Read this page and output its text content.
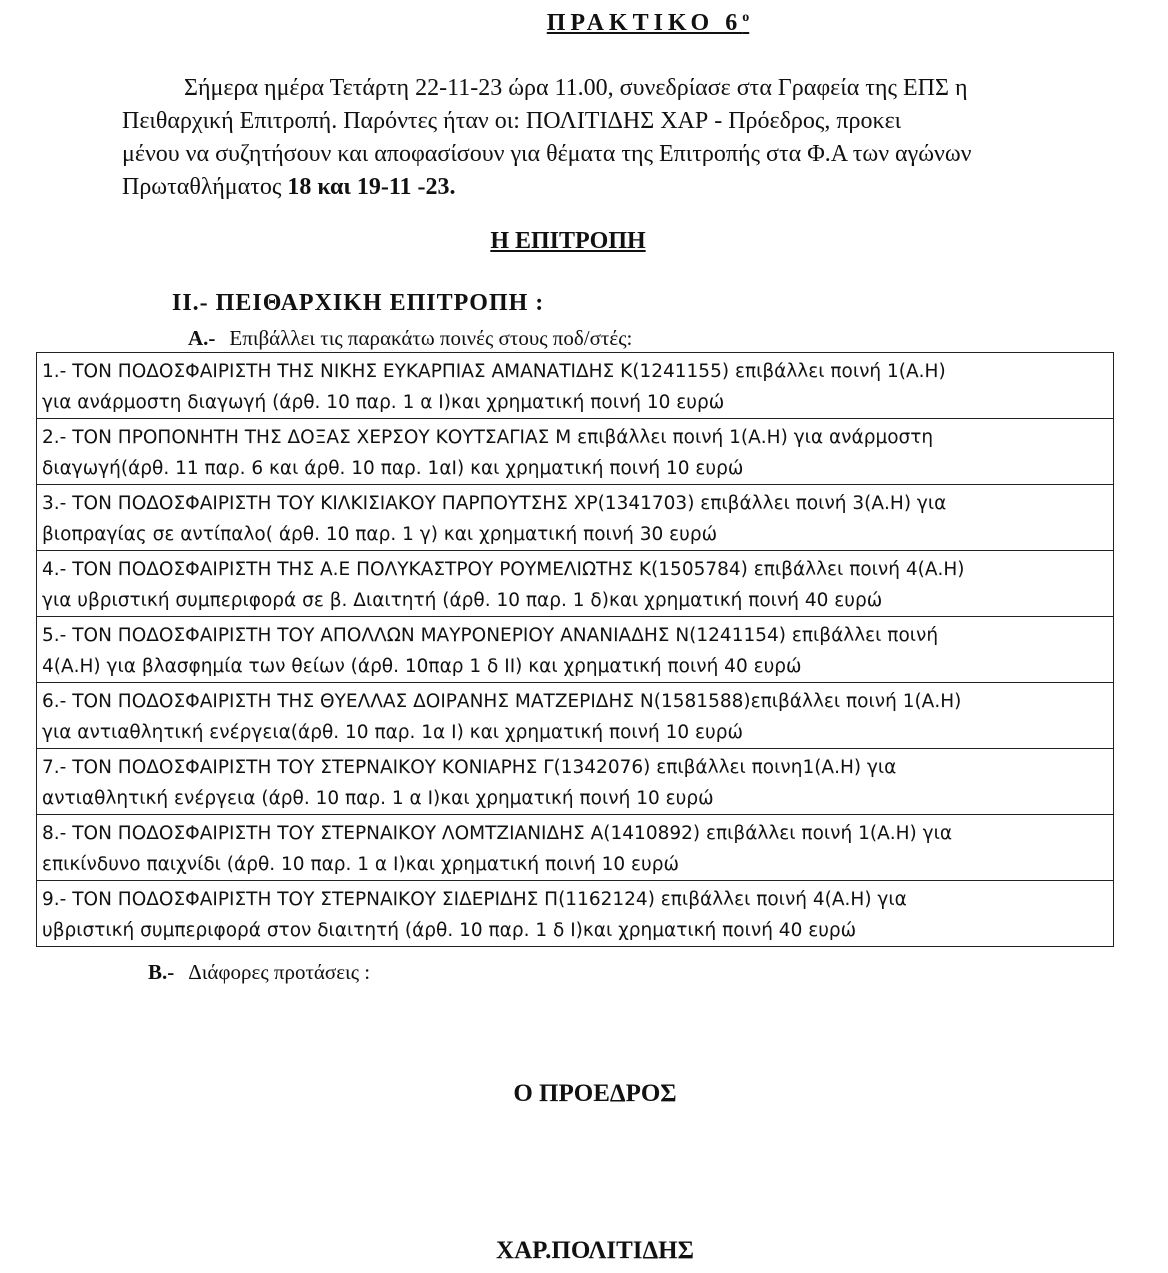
ΠΡΑΚΤΙΚΟ $6^o$
Σήμερα ημέρα Τετάρτη 22-11-23 ώρα 11.00, συνεδρίασε στα Γραφεία της ΕΠΣ η
Πειθαρχική Επιτροπή. Παρόντες ήταν οι: ΠΟΛΙΤΙΔΗΣ ΧΑΡ - Πρόεδρος, προκει
μένου να συζητήσουν και αποφασίσουν για θέματα της Επιτροπής στα Φ.Α των αγώνων
Πρωταθλήματος 18 και 19-11 -23.
Η ΕΠΙΤΡΟΠΗ
ΙΙ.- ΠΕΙΘΑΡΧΙΚΗ ΕΠΙΤΡΟΠΗ :
Α.- Επιβάλλει τις παρακάτω ποινές στους ποδ/στές:
1.- ΤΟΝ ΠΟΔΟΣΦΑΙΡΙΣΤΗ ΤΗΣ ΝΙΚΗΣ ΕΥΚΑΡΠΙΑΣ ΑΜΑΝΑΤΙΔΗΣ Κ(1241155) επιβάλλει ποινή 1(Α.Η)
για ανάρμοστη διαγωγή (άρθ. 10 παρ. 1 α Ι)και χρηματική ποινή 10 ευρώ
2.- ΤΟΝ ΠΡΟΠΟΝΗΤΗ ΤΗΣ ΔΟΞΑΣ ΧΕΡΣΟΥ ΚΟΥΤΣΑΓΙΑΣ Μ επιβάλλει ποινή 1(Α.Η) για ανάρμοστη
διαγωγή(άρθ. 11 παρ. 6 και άρθ. 10 παρ. 1αΙ) και χρηματική ποινή 10 ευρώ
3.- ΤΟΝ ΠΟΔΟΣΦΑΙΡΙΣΤΗ ΤΟΥ ΚΙΛΚΙΣΙΑΚΟΥ ΠΑΡΠΟΥΤΣΗΣ ΧΡ(1341703) επιβάλλει ποινή 3(Α.Η) για
βιοπραγίας σε αντίπαλο( άρθ. 10 παρ. 1 γ) και χρηματική ποινή 30 ευρώ
4.- ΤΟΝ ΠΟΔΟΣΦΑΙΡΙΣΤΗ ΤΗΣ Α.Ε ΠΟΛΥΚΑΣΤΡΟΥ ΡΟΥΜΕΛΙΩΤΗΣ Κ(1505784) επιβάλλει ποινή 4(Α.Η)
για υβριστική συμπεριφορά σε β. Διαιτητή (άρθ. 10 παρ. 1 δ)και χρηματική ποινή 40 ευρώ
5.- ΤΟΝ ΠΟΔΟΣΦΑΙΡΙΣΤΗ ΤΟΥ ΑΠΟΛΛΩΝ ΜΑΥΡΟΝΕΡΙΟΥ ΑΝΑΝΙΑΔΗΣ Ν(1241154) επιβάλλει ποινή
4(Α.Η) για βλασφημία των θείων (άρθ. 10παρ 1 δ ΙΙ) και χρηματική ποινή 40 ευρώ
6.- ΤΟΝ ΠΟΔΟΣΦΑΙΡΙΣΤΗ ΤΗΣ ΘΥΕΛΛΑΣ ΔΟΙΡΑΝΗΣ ΜΑΤΖΕΡΙΔΗΣ Ν(1581588)επιβάλλει ποινή 1(Α.Η)
για αντιαθλητική ενέργεια(άρθ. 10 παρ. 1α Ι) και χρηματική ποινή 10 ευρώ
7.- ΤΟΝ ΠΟΔΟΣΦΑΙΡΙΣΤΗ ΤΟΥ ΣΤΕΡΝΑΙΚΟΥ ΚΟΝΙΑΡΗΣ Γ(1342076) επιβάλλει ποινη1(Α.Η) για
αντιαθλητική ενέργεια (άρθ. 10 παρ. 1 α Ι)και χρηματική ποινή 10 ευρώ
8.- ΤΟΝ ΠΟΔΟΣΦΑΙΡΙΣΤΗ ΤΟΥ ΣΤΕΡΝΑΙΚΟΥ ΛΟΜΤΖΙΑΝΙΔΗΣ Α(1410892) επιβάλλει ποινή 1(Α.Η) για
επικίνδυνο παιχνίδι (άρθ. 10 παρ. 1 α Ι)και χρηματική ποινή 10 ευρώ
9.- ΤΟΝ ΠΟΔΟΣΦΑΙΡΙΣΤΗ ΤΟΥ ΣΤΕΡΝΑΙΚΟΥ ΣΙΔΕΡΙΔΗΣ Π(1162124) επιβάλλει ποινή 4(Α.Η) για
υβριστική συμπεριφορά στον διαιτητή (άρθ. 10 παρ. 1 δ Ι)και χρηματική ποινή 40 ευρώ
Β.- Διάφορες προτάσεις :
Ο ΠΡΟΕΔΡΟΣ
ΧΑΡ.ΠΟΛΙΤΙΔΗΣ
